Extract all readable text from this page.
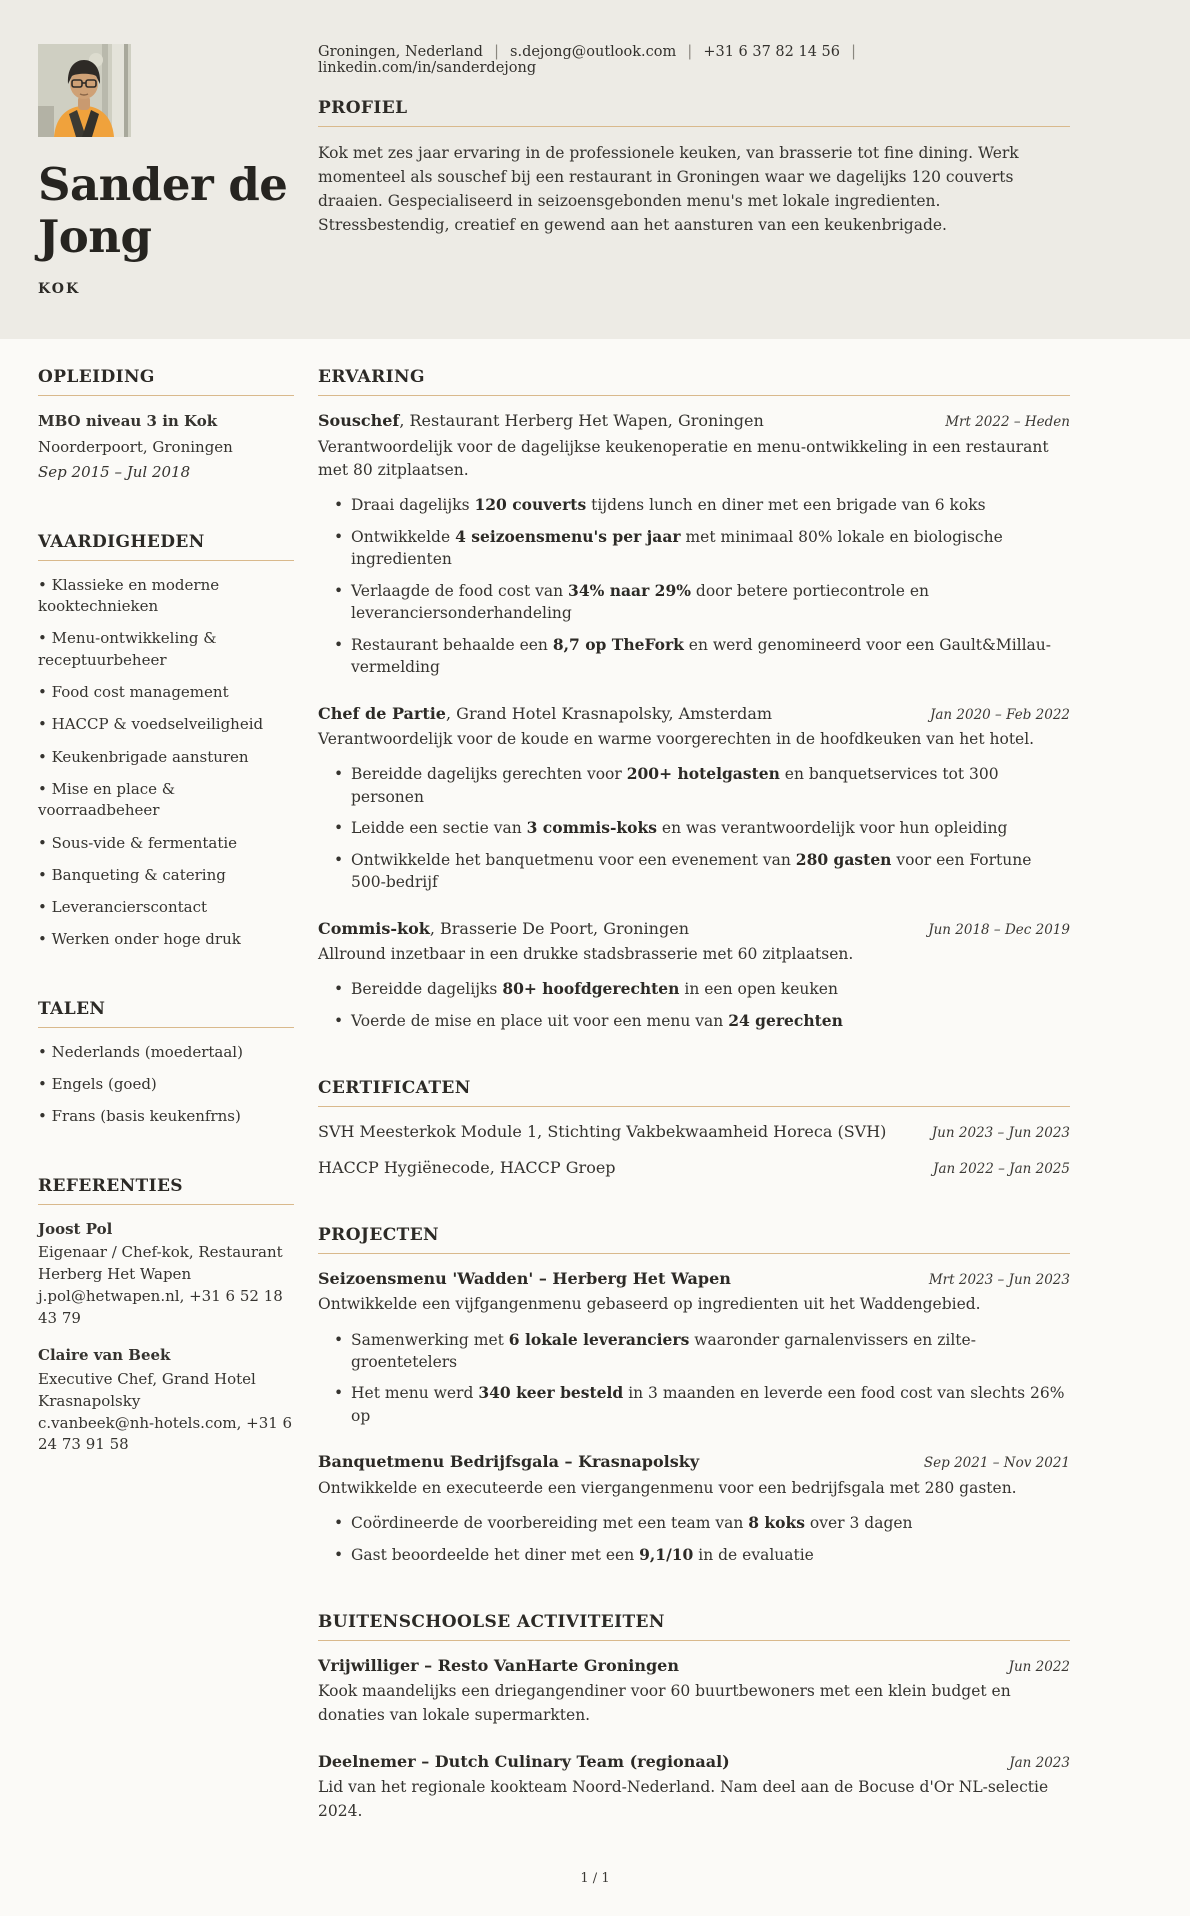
Sander de Jong
KOK
Groningen, Nederland | s.dejong@outlook.com | +31 6 37 82 14 56 |
linkedin.com/in/sanderdejong
PROFIEL

Kok met zes jaar ervaring in de professionele keuken, van brasserie tot fine dining. Werk momenteel als souschef bij een restaurant in Groningen waar we dagelijks 120 couverts draaien. Gespecialiseerd in seizoensgebonden menu's met lokale ingredienten. Stressbestendig, creatief en gewend aan het aansturen van een keukenbrigade.

OPLEIDING

MBO niveau 3 in Kok

Noorderpoort, Groningen

Sep 2015 – Jul 2018

VAARDIGHEDEN
• Klassieke en moderne kooktechnieken
• Menu-ontwikkeling & receptuurbeheer
• Food cost management
• HACCP & voedselveiligheid
• Keukenbrigade aansturen
• Mise en place & voorraadbeheer
• Sous-vide & fermentatie
• Banqueting & catering
• Leverancierscontact
• Werken onder hoge druk
TALEN
• Nederlands (moedertaal)
• Engels (goed)
• Frans (basis keukenfrns)
REFERENTIES

Joost Pol

Eigenaar / Chef-kok, Restaurant Herberg Het Wapen

j.pol@hetwapen.nl, +31 6 52 18 43 79

Claire van Beek

Executive Chef, Grand Hotel Krasnapolsky

c.vanbeek@nh-hotels.com, +31 6 24 73 91 58

ERVARING
Souschef, Restaurant Herberg Het Wapen, Groningen	Mrt 2022 – Heden

Verantwoordelijk voor de dagelijkse keukenoperatie en menu-ontwikkeling in een restaurant met 80 zitplaatsen.

• Draai dagelijks 120 couverts tijdens lunch en diner met een brigade van 6 koks
• Ontwikkelde 4 seizoensmenu's per jaar met minimaal 80% lokale en biologische ingredienten
• Verlaagde de food cost van 34% naar 29% door betere portiecontrole en leveranciersonderhandeling
• Restaurant behaalde een 8,7 op TheFork en werd genomineerd voor een Gault&Millau-vermelding
Chef de Partie, Grand Hotel Krasnapolsky, Amsterdam	Jan 2020 – Feb 2022

Verantwoordelijk voor de koude en warme voorgerechten in de hoofdkeuken van het hotel.

• Bereidde dagelijks gerechten voor 200+ hotelgasten en banquetservices tot 300 personen
• Leidde een sectie van 3 commis-koks en was verantwoordelijk voor hun opleiding
• Ontwikkelde het banquetmenu voor een evenement van 280 gasten voor een Fortune 500-bedrijf
Commis-kok, Brasserie De Poort, Groningen	Jun 2018 – Dec 2019

Allround inzetbaar in een drukke stadsbrasserie met 60 zitplaatsen.

• Bereidde dagelijks 80+ hoofdgerechten in een open keuken
• Voerde de mise en place uit voor een menu van 24 gerechten
CERTIFICATEN
SVH Meesterkok Module 1, Stichting Vakbekwaamheid Horeca (SVH)	Jun 2023 – Jun 2023
HACCP Hygiënecode, HACCP Groep	Jan 2022 – Jan 2025
PROJECTEN
Seizoensmenu 'Wadden' – Herberg Het Wapen	Mrt 2023 – Jun 2023

Ontwikkelde een vijfgangenmenu gebaseerd op ingredienten uit het Waddengebied.

• Samenwerking met 6 lokale leveranciers waaronder garnalenvissers en zilte-groentetelers
• Het menu werd 340 keer besteld in 3 maanden en leverde een food cost van slechts 26% op
Banquetmenu Bedrijfsgala – Krasnapolsky	Sep 2021 – Nov 2021

Ontwikkelde en executeerde een viergangenmenu voor een bedrijfsgala met 280 gasten.

• Coördineerde de voorbereiding met een team van 8 koks over 3 dagen
• Gast beoordeelde het diner met een 9,1/10 in de evaluatie
BUITENSCHOOLSE ACTIVITEITEN
Vrijwilliger – Resto VanHarte Groningen	Jun 2022

Kook maandelijks een driegangendiner voor 60 buurtbewoners met een klein budget en donaties van lokale supermarkten.

Deelnemer – Dutch Culinary Team (regionaal)	Jan 2023

Lid van het regionale kookteam Noord-Nederland. Nam deel aan de Bocuse d'Or NL-selectie 2024.

1 / 1
